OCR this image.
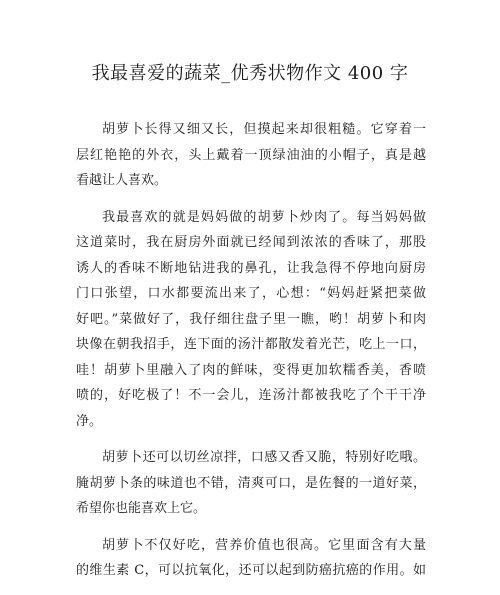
我最喜爱的蔬菜_优秀状物作文 400 字
胡萝卜长得又细又长，但摸起来却很粗糙。它穿着一
层红艳艳的外衣，头上戴着一顶绿油油的小帽子，真是越
看越让人喜欢。
我最喜欢的就是妈妈做的胡萝卜炒肉了。每当妈妈做
这道菜时，我在厨房外面就已经闻到浓浓的香味了，那股
诱人的香味不断地钻进我的鼻孔，让我急得不停地向厨房
门口张望，口水都要流出来了，心想：“妈妈赶紧把菜做
好吧。”菜做好了，我仔细往盘子里一瞧，哟！胡萝卜和肉
块像在朝我招手，连下面的汤汁都散发着光芒，吃上一口，
哇！胡萝卜里融入了肉的鲜味，变得更加软糯香美，香喷
喷的，好吃极了！不一会儿，连汤汁都被我吃了个干干净
净。
胡萝卜还可以切丝凉拌，口感又香又脆，特别好吃哦。
腌胡萝卜条的味道也不错，清爽可口，是佐餐的一道好菜，
希望你也能喜欢上它。
胡萝卜不仅好吃，营养价值也很高。它里面含有大量
的维生素 C，可以抗氧化，还可以起到防癌抗癌的作用。如
